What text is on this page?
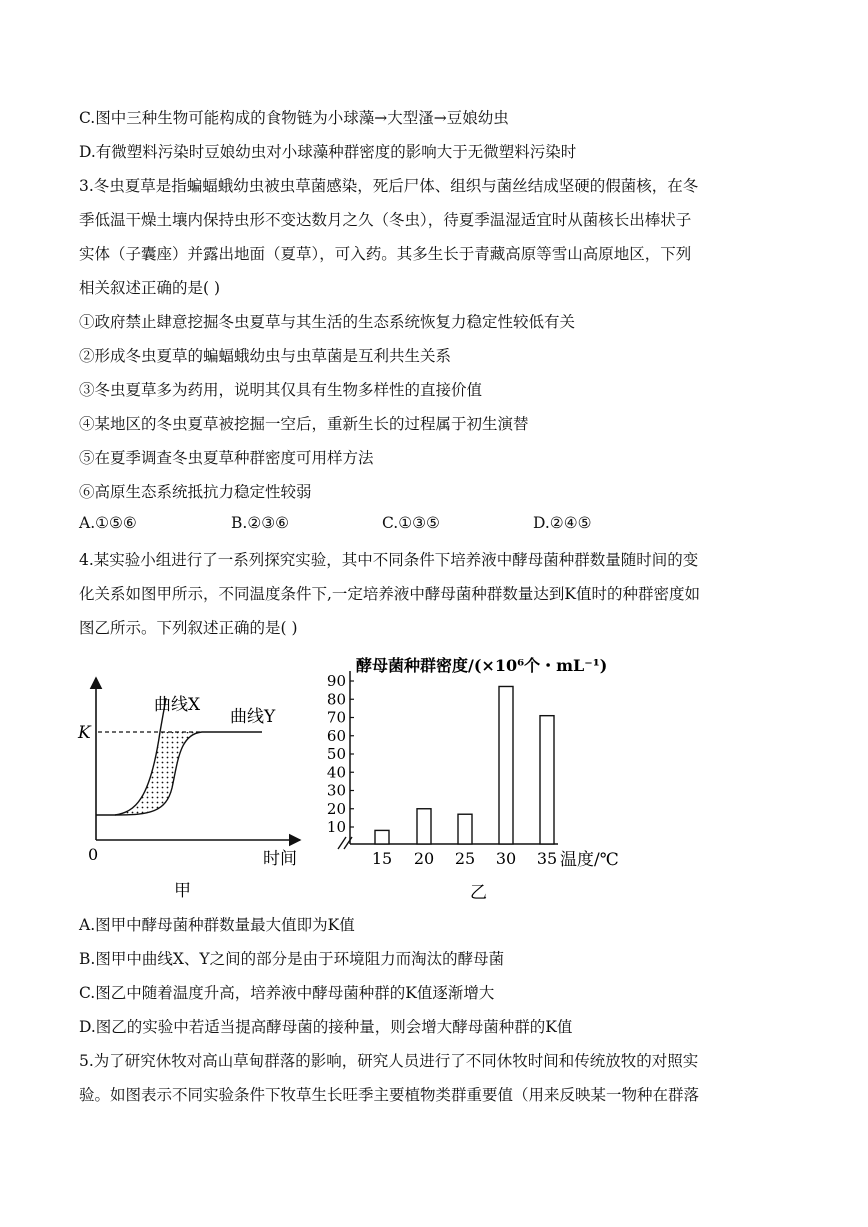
C.图中三种生物可能构成的食物链为小球藻→大型溞→豆娘幼虫
D.有微塑料污染时豆娘幼虫对小球藻种群密度的影响大于无微塑料污染时
3.冬虫夏草是指蝙蝠蛾幼虫被虫草菌感染，死后尸体、组织与菌丝结成坚硬的假菌核，在冬
季低温干燥土壤内保持虫形不变达数月之久（冬虫），待夏季温湿适宜时从菌核长出棒状子
实体（子囊座）并露出地面（夏草），可入药。其多生长于青藏高原等雪山高原地区，下列
相关叙述正确的是( )
①政府禁止肆意挖掘冬虫夏草与其生活的生态系统恢复力稳定性较低有关
②形成冬虫夏草的蝙蝠蛾幼虫与虫草菌是互利共生关系
③冬虫夏草多为药用，说明其仅具有生物多样性的直接价值
④某地区的冬虫夏草被挖掘一空后，重新生长的过程属于初生演替
⑤在夏季调查冬虫夏草种群密度可用样方法
⑥高原生态系统抵抗力稳定性较弱
A.①⑤⑥	B.②③⑥	C.①③⑤	D.②④⑤
4.某实验小组进行了一系列探究实验，其中不同条件下培养液中酵母菌种群数量随时间的变
化关系如图甲所示，不同温度条件下,一定培养液中酵母菌种群数量达到K值时的种群密度如
图乙所示。下列叙述正确的是( )
K
0	时间
曲线X
曲线Y
甲
酵母菌种群密度/(×10⁶个・mL⁻¹)
10
20
30
40
50
60
70
80
90
15 20 25 30 35 温度/℃
乙
A.图甲中酵母菌种群数量最大值即为K值
B.图甲中曲线X、Y之间的部分是由于环境阻力而淘汰的酵母菌
C.图乙中随着温度升高，培养液中酵母菌种群的K值逐渐增大
D.图乙的实验中若适当提高酵母菌的接种量，则会增大酵母菌种群的K值
5.为了研究休牧对高山草甸群落的影响，研究人员进行了不同休牧时间和传统放牧的对照实
验。如图表示不同实验条件下牧草生长旺季主要植物类群重要值（用来反映某一物种在群落
